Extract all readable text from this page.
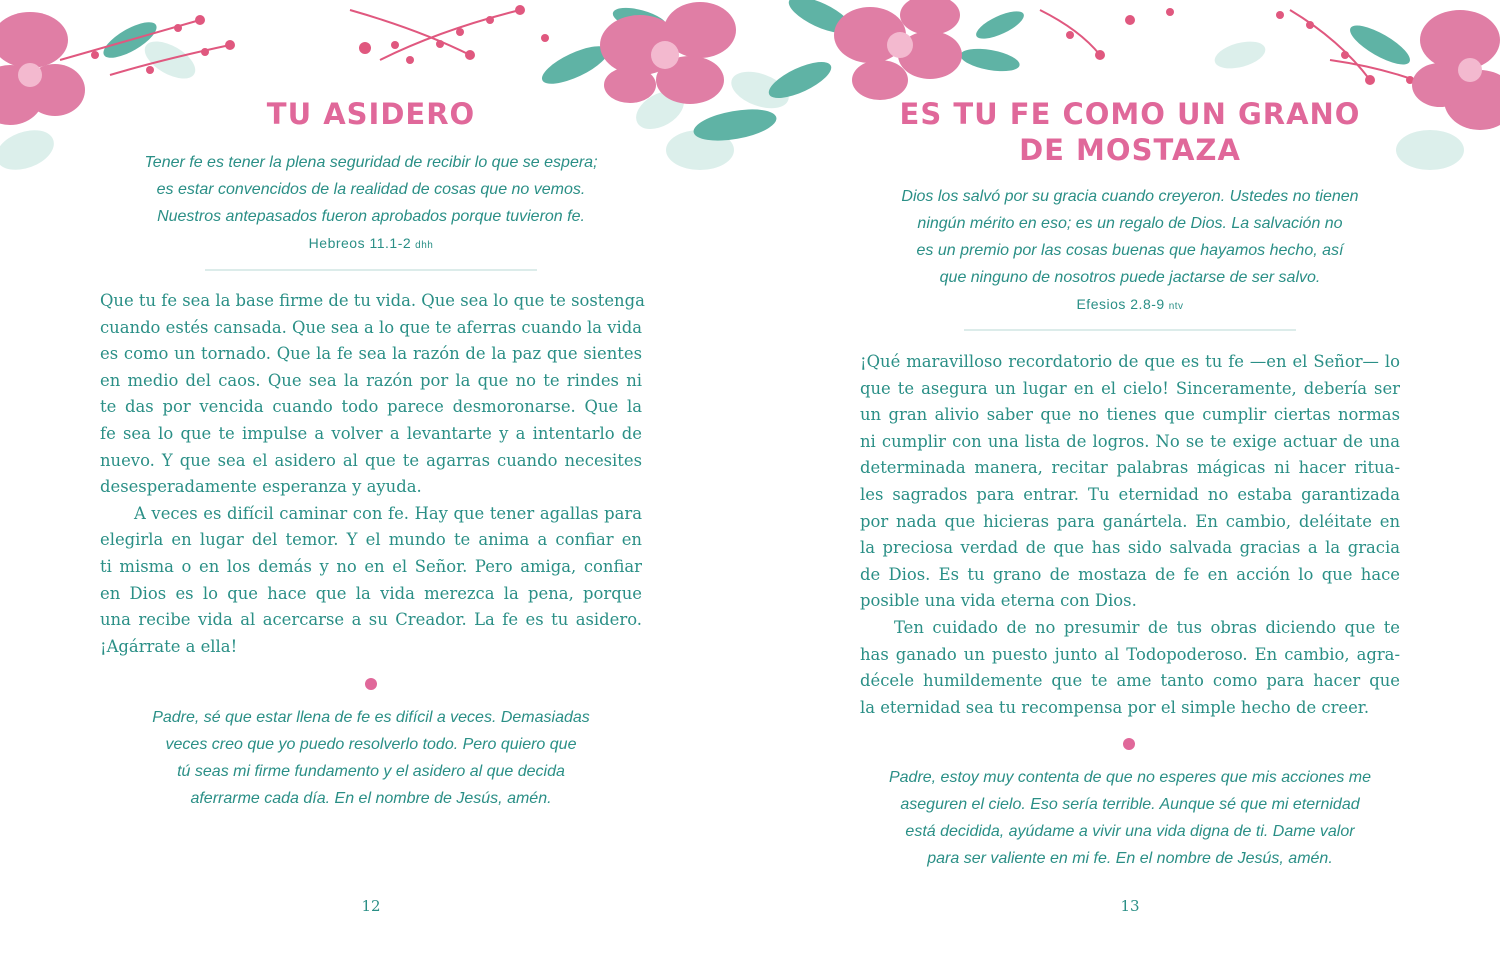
TU ASIDERO
Tener fe es tener la plena seguridad de recibir lo que se espera;
es estar convencidos de la realidad de cosas que no vemos.
Nuestros antepasados fueron aprobados porque tuvieron fe.
Hebreos 11.1-2 dhh
Que tu fe sea la base firme de tu vida. Que sea lo que te sostenga
cuando estés cansada. Que sea a lo que te aferras cuando la vida
es como un tornado. Que la fe sea la razón de la paz que sientes
en medio del caos. Que sea la razón por la que no te rindes ni
te das por vencida cuando todo parece desmoronarse. Que la
fe sea lo que te impulse a volver a levantarte y a intentarlo de
nuevo. Y que sea el asidero al que te agarras cuando necesites
desesperadamente esperanza y ayuda.
A veces es difícil caminar con fe. Hay que tener agallas para
elegirla en lugar del temor. Y el mundo te anima a confiar en
ti misma o en los demás y no en el Señor. Pero amiga, confiar
en Dios es lo que hace que la vida merezca la pena, porque
una recibe vida al acercarse a su Creador. La fe es tu asidero.
¡Agárrate a ella!
Padre, sé que estar llena de fe es difícil a veces. Demasiadas
veces creo que yo puedo resolverlo todo. Pero quiero que
tú seas mi firme fundamento y el asidero al que decida
aferrarme cada día. En el nombre de Jesús, amén.
12
ES TU FE COMO UN GRANO
DE MOSTAZA
Dios los salvó por su gracia cuando creyeron. Ustedes no tienen
ningún mérito en eso; es un regalo de Dios. La salvación no
es un premio por las cosas buenas que hayamos hecho, así
que ninguno de nosotros puede jactarse de ser salvo.
Efesios 2.8-9 ntv
¡Qué maravilloso recordatorio de que es tu fe —en el Señor— lo
que te asegura un lugar en el cielo! Sinceramente, debería ser
un gran alivio saber que no tienes que cumplir ciertas normas
ni cumplir con una lista de logros. No se te exige actuar de una
determinada manera, recitar palabras mágicas ni hacer ritua-
les sagrados para entrar. Tu eternidad no estaba garantizada
por nada que hicieras para ganártela. En cambio, deléitate en
la preciosa verdad de que has sido salvada gracias a la gracia
de Dios. Es tu grano de mostaza de fe en acción lo que hace
posible una vida eterna con Dios.
Ten cuidado de no presumir de tus obras diciendo que te
has ganado un puesto junto al Todopoderoso. En cambio, agra-
décele humildemente que te ame tanto como para hacer que
la eternidad sea tu recompensa por el simple hecho de creer.
Padre, estoy muy contenta de que no esperes que mis acciones me
aseguren el cielo. Eso sería terrible. Aunque sé que mi eternidad
está decidida, ayúdame a vivir una vida digna de ti. Dame valor
para ser valiente en mi fe. En el nombre de Jesús, amén.
13
